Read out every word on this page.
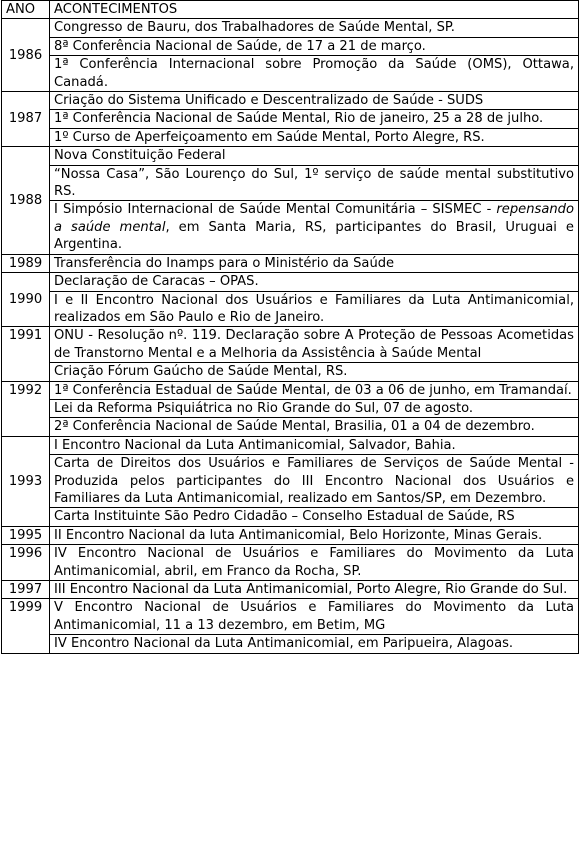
ANO	ACONTECIMENTOS
1986	Congresso de Bauru, dos Trabalhadores de Saúde Mental, SP.
	8ª Conferência Nacional de Saúde, de 17 a 21 de março.
	1ª Conferência Internacional sobre Promoção da Saúde (OMS), Ottawa, Canadá.
1987	Criação do Sistema Unificado e Descentralizado de Saúde - SUDS
	1ª Conferência Nacional de Saúde Mental, Rio de janeiro, 25 a 28 de julho.
	1º Curso de Aperfeiçoamento em Saúde Mental, Porto Alegre, RS.
1988	Nova Constituição Federal
	“Nossa Casa”, São Lourenço do Sul, 1º serviço de saúde mental substitutivo RS.
	I Simpósio Internacional de Saúde Mental Comunitária – SISMEC - repensando a saúde mental, em Santa Maria, RS, participantes do Brasil, Uruguai e Argentina.
1989	Transferência do Inamps para o Ministério da Saúde
1990	Declaração de Caracas – OPAS.
	I e II Encontro Nacional dos Usuários e Familiares da Luta Antimanicomial, realizados em São Paulo e Rio de Janeiro.
1991	ONU - Resolução nº. 119. Declaração sobre A Proteção de Pessoas Acometidas de Transtorno Mental e a Melhoria da Assistência à Saúde Mental
	Criação Fórum Gaúcho de Saúde Mental, RS.
1992	1ª Conferência Estadual de Saúde Mental, de 03 a 06 de junho, em Tramandaí.
	Lei da Reforma Psiquiátrica no Rio Grande do Sul, 07 de agosto.
	2ª Conferência Nacional de Saúde Mental, Brasilia, 01 a 04 de dezembro.
1993	I Encontro Nacional da Luta Antimanicomial, Salvador, Bahia.
	Carta de Direitos dos Usuários e Familiares de Serviços de Saúde Mental - Produzida pelos participantes do III Encontro Nacional dos Usuários e Familiares da Luta Antimanicomial, realizado em Santos/SP, em Dezembro.
	Carta Instituinte São Pedro Cidadão – Conselho Estadual de Saúde, RS
1995	II Encontro Nacional da luta Antimanicomial, Belo Horizonte, Minas Gerais.
1996	IV Encontro Nacional de Usuários e Familiares do Movimento da Luta Antimanicomial, abril, em Franco da Rocha, SP.
1997	III Encontro Nacional da Luta Antimanicomial, Porto Alegre, Rio Grande do Sul.
1999	V Encontro Nacional de Usuários e Familiares do Movimento da Luta Antimanicomial, 11 a 13 dezembro, em Betim, MG
	IV Encontro Nacional da Luta Antimanicomial, em Paripueira, Alagoas.
